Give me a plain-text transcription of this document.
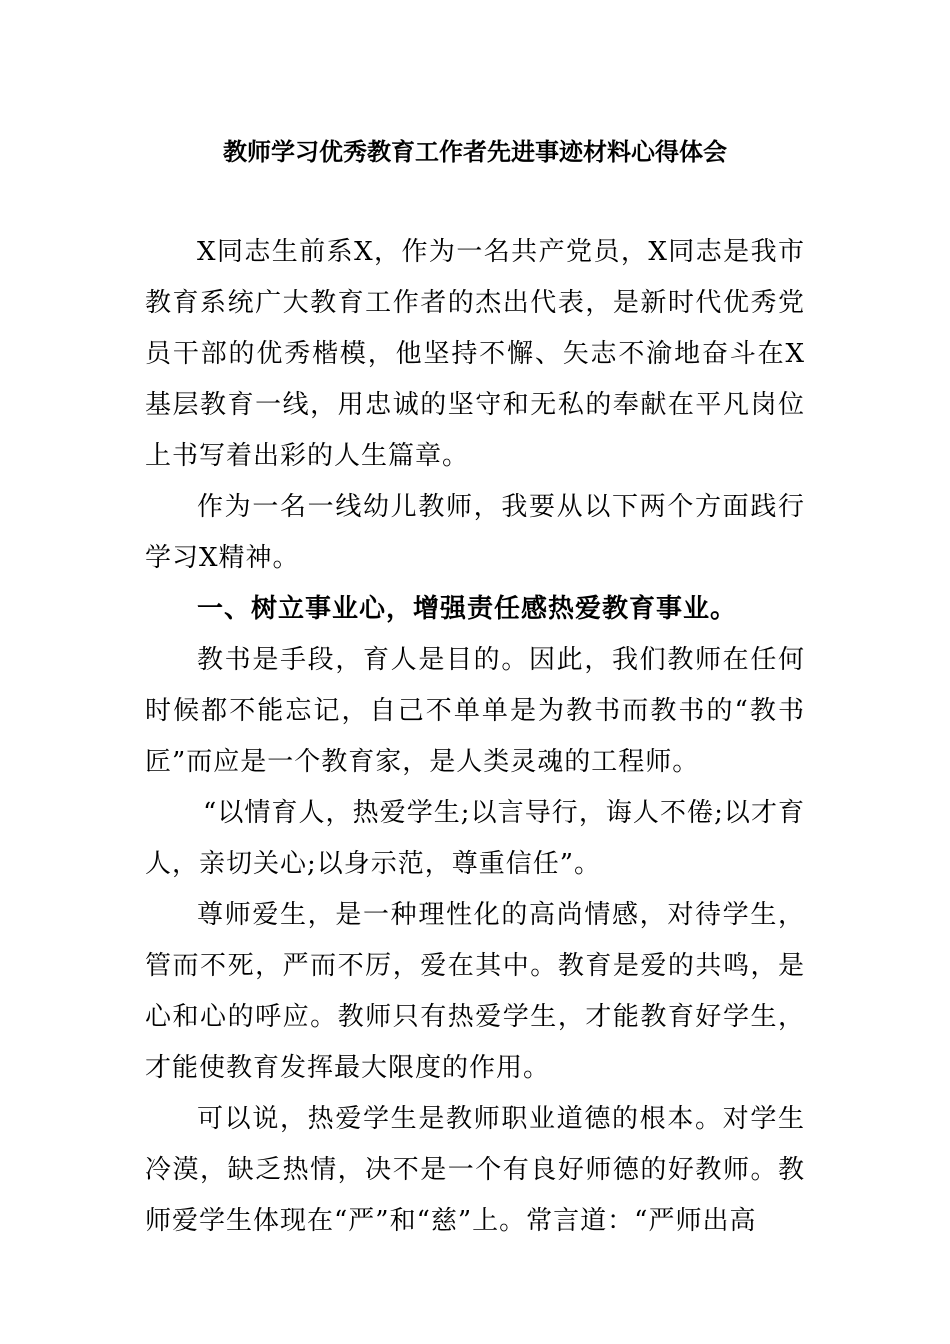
教师学习优秀教育工作者先进事迹材料心得体会

X同志生前系X，作为一名共产党员，X同志是我市教育系统广大教育工作者的杰出代表，是新时代优秀党员干部的优秀楷模，他坚持不懈、矢志不渝地奋斗在X基层教育一线，用忠诚的坚守和无私的奉献在平凡岗位上书写着出彩的人生篇章。

作为一名一线幼儿教师，我要从以下两个方面践行学习X精神。

一、树立事业心，增强责任感热爱教育事业。

教书是手段，育人是目的。因此，我们教师在任何时候都不能忘记，自己不单单是为教书而教书的“教书匠”而应是一个教育家，是人类灵魂的工程师。

“以情育人，热爱学生;以言导行，诲人不倦;以才育人，亲切关心;以身示范，尊重信任”。

尊师爱生，是一种理性化的高尚情感，对待学生，管而不死，严而不厉，爱在其中。教育是爱的共鸣，是心和心的呼应。教师只有热爱学生，才能教育好学生，才能使教育发挥最大限度的作用。

可以说，热爱学生是教师职业道德的根本。对学生冷漠，缺乏热情，决不是一个有良好师德的好教师。教师爱学生体现在“严”和“慈”上。常言道：“严师出高
